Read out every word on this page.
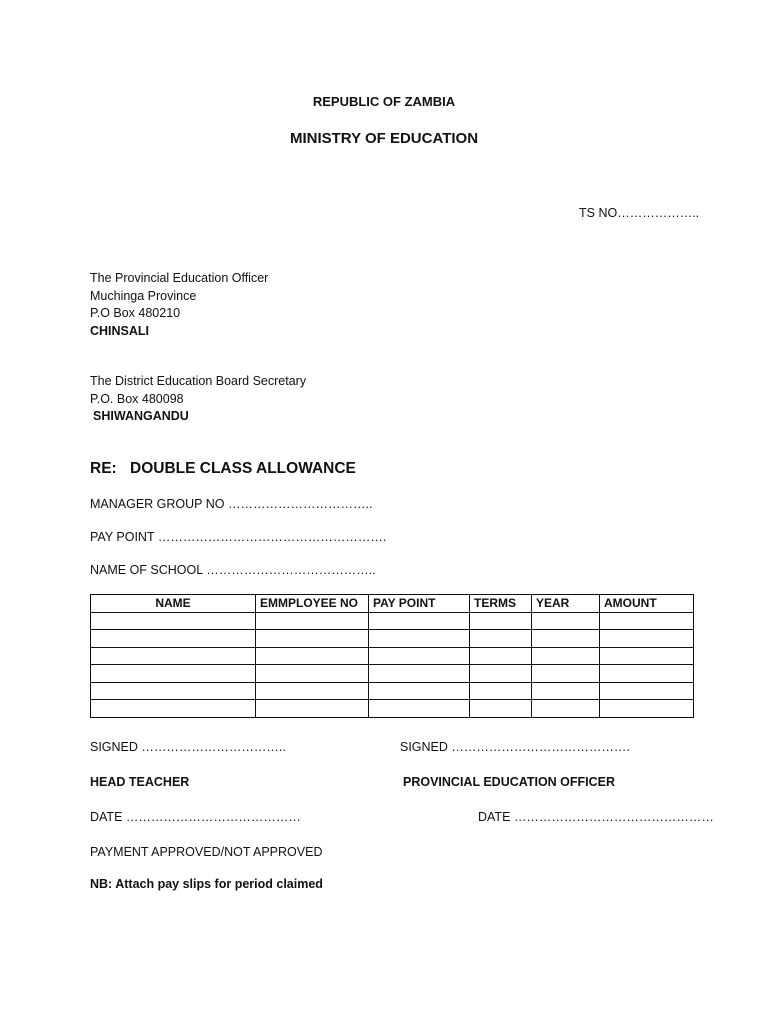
REPUBLIC OF ZAMBIA
MINISTRY OF EDUCATION
TS NO………………..
The Provincial Education Officer
Muchinga Province
P.O Box 480210
CHINSALI
The District Education Board Secretary
P.O. Box 480098
SHIWANGANDU
RE: DOUBLE CLASS ALLOWANCE
MANAGER GROUP NO ……………………………..
PAY POINT ……………………………………………….
NAME OF SCHOOL …………………………………..
NAME	EMMPLOYEE NO	PAY POINT	TERMS	YEAR	AMOUNT

SIGNED ……………………………..	SIGNED …………………………………….
HEAD TEACHER	PROVINCIAL EDUCATION OFFICER
DATE ……………………………………	DATE …………………………………………
PAYMENT APPROVED/NOT APPROVED
NB: Attach pay slips for period claimed
